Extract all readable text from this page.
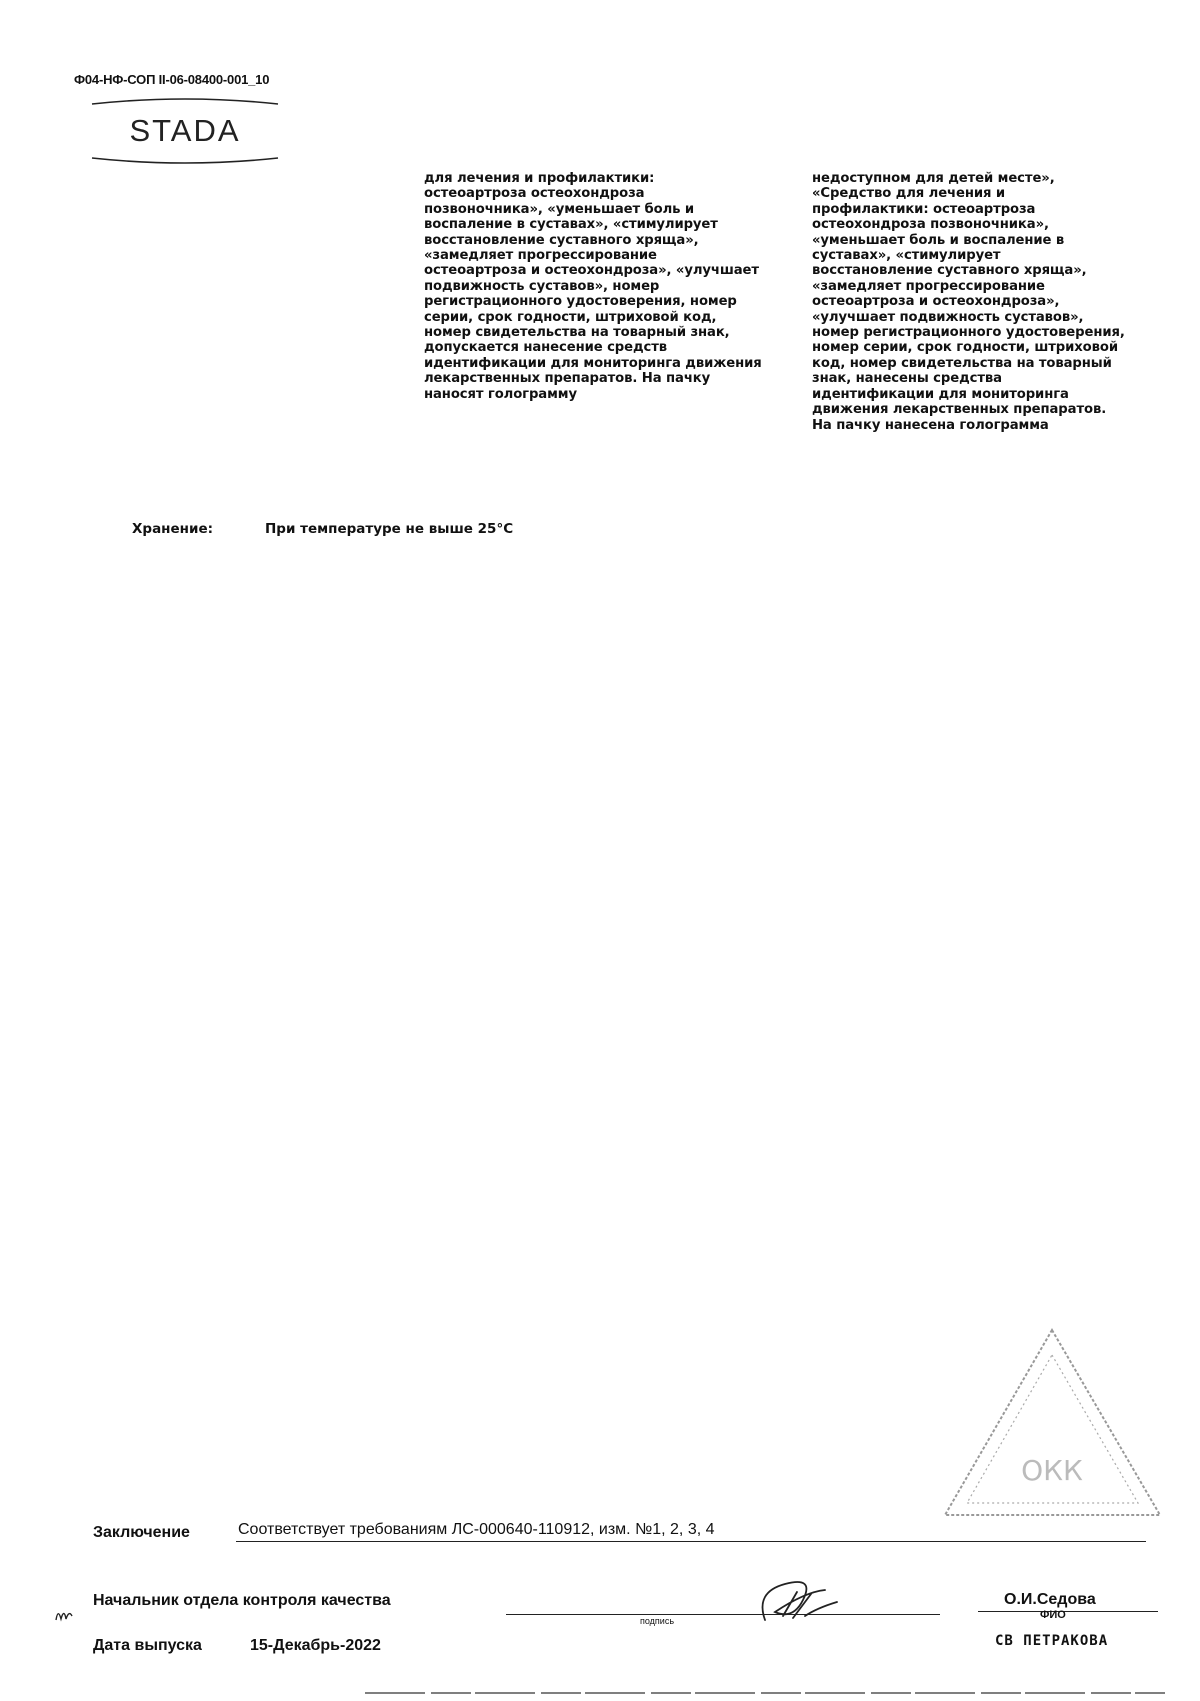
Ф04-НФ-СОП II-06-08400-001_10
STADA
для лечения и профилактики:
остеоартроза остеохондроза
позвоночника», «уменьшает боль и
воспаление в суставах», «стимулирует
восстановление суставного хряща»,
«замедляет прогрессирование
остеоартроза и остеохондроза», «улучшает
подвижность суставов», номер
регистрационного удостоверения, номер
серии, срок годности, штриховой код,
номер свидетельства на товарный знак,
допускается нанесение средств
идентификации для мониторинга движения
лекарственных препаратов. На пачку
наносят голограмму
недоступном для детей месте»,
«Средство для лечения и
профилактики: остеоартроза
остеохондроза позвоночника»,
«уменьшает боль и воспаление в
суставах», «стимулирует
восстановление суставного хряща»,
«замедляет прогрессирование
остеоартроза и остеохондроза»,
«улучшает подвижность суставов»,
номер регистрационного удостоверения,
номер серии, срок годности, штриховой
код, номер свидетельства на товарный
знак, нанесены средства
идентификации для мониторинга
движения лекарственных препаратов.
На пачку нанесена голограмма
Хранение:	При температуре не выше 25°С
ОКК
Заключение	Соответствует требованиям ЛС-000640-110912, изм. №1, 2, 3, 4
Начальник отдела контроля качества
подпись
О.И.Седова
ФИО
Дата выпуска	15-Декабрь-2022	СВ ПЕТРАКОВА
